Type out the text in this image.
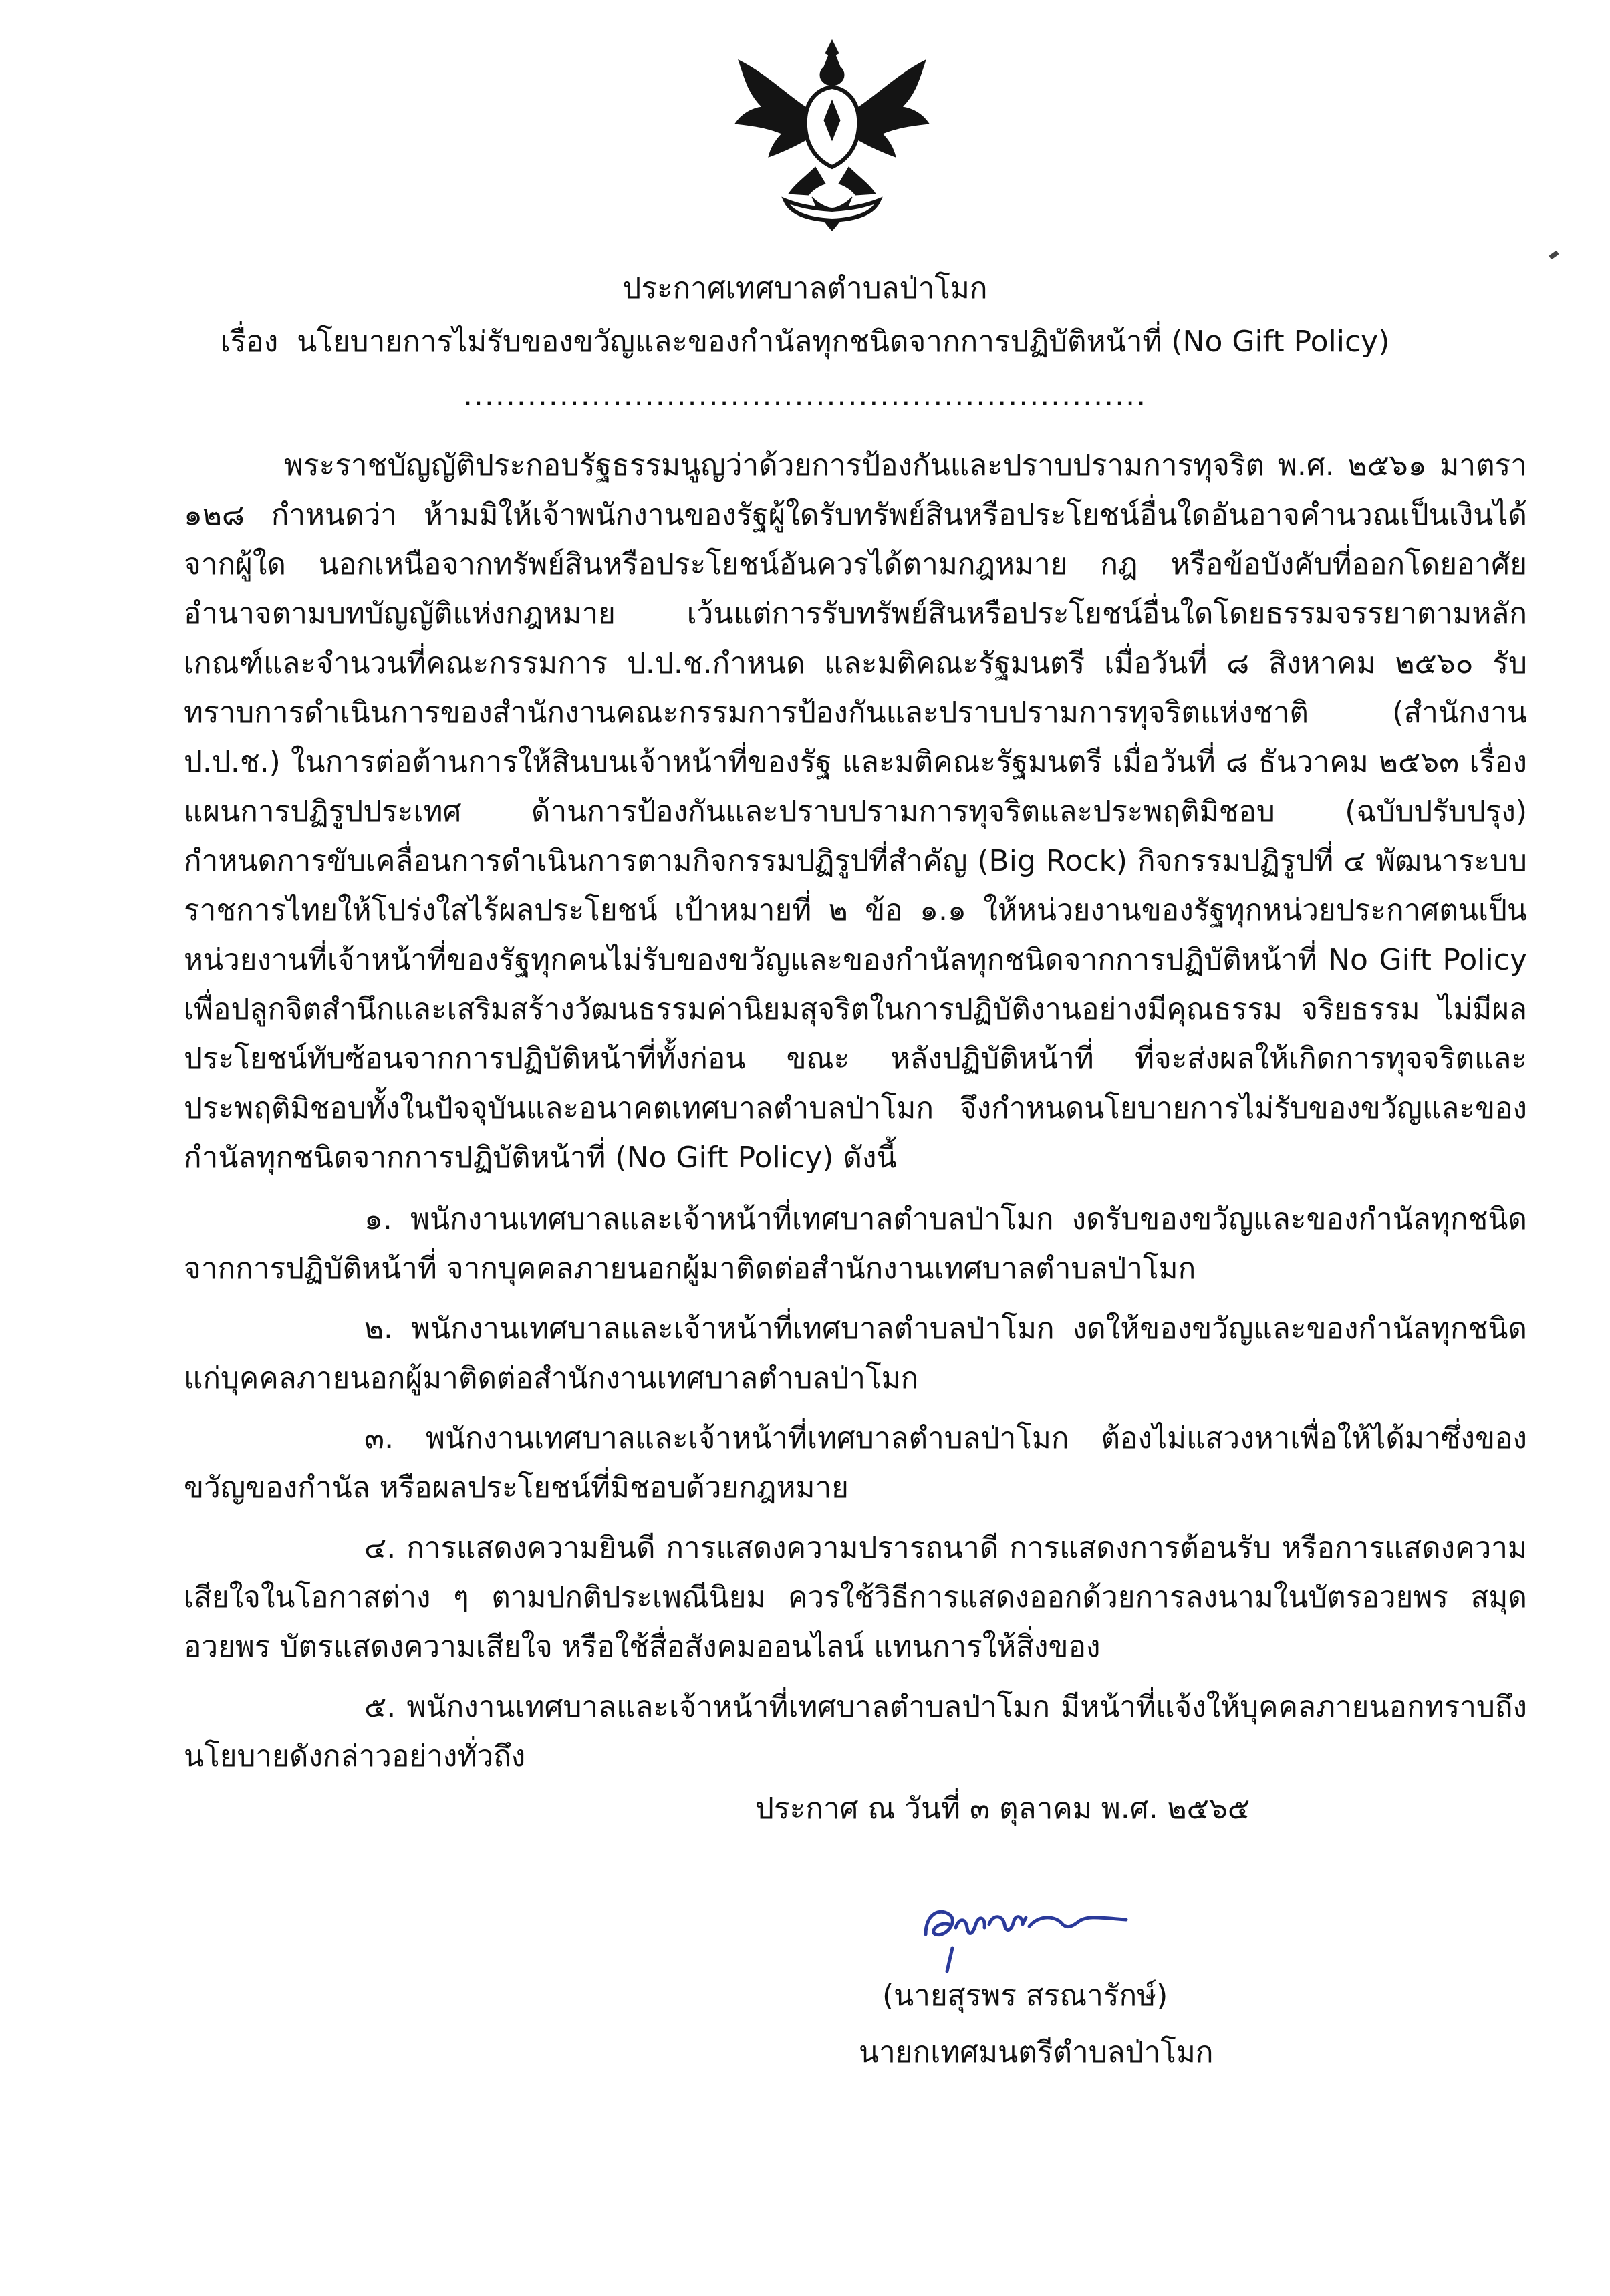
ประกาศเทศบาลตำบลป่าโมก
เรื่อง นโยบายการไม่รับของขวัญและของกำนัลทุกชนิดจากการปฏิบัติหน้าที่ (No Gift Policy)
................................................................

พระราชบัญญัติประกอบรัฐธรรมนูญว่าด้วยการป้องกันและปราบปรามการทุจริต พ.ศ. ๒๕๖๑ มาตรา ๑๒๘ กำหนดว่า ห้ามมิให้เจ้าพนักงานของรัฐผู้ใดรับทรัพย์สินหรือประโยชน์อื่นใดอันอาจคำนวณเป็นเงินได้จากผู้ใด นอกเหนือจากทรัพย์สินหรือประโยชน์อันควรได้ตามกฎหมาย กฎ หรือข้อบังคับที่ออกโดยอาศัยอำนาจตามบทบัญญัติแห่งกฎหมาย เว้นแต่การรับทรัพย์สินหรือประโยชน์อื่นใดโดยธรรมจรรยาตามหลักเกณฑ์และจำนวนที่คณะกรรมการ ป.ป.ช.กำหนด และมติคณะรัฐมนตรี เมื่อวันที่ ๘ สิงหาคม ๒๕๖๐ รับทราบการดำเนินการของสำนักงานคณะกรรมการป้องกันและปราบปรามการทุจริตแห่งชาติ (สำนักงาน ป.ป.ช.) ในการต่อต้านการให้สินบนเจ้าหน้าที่ของรัฐ และมติคณะรัฐมนตรี เมื่อวันที่ ๘ ธันวาคม ๒๕๖๓ เรื่อง แผนการปฏิรูปประเทศ ด้านการป้องกันและปราบปรามการทุจริตและประพฤติมิชอบ (ฉบับปรับปรุง) กำหนดการขับเคลื่อนการดำเนินการตามกิจกรรมปฏิรูปที่สำคัญ (Big Rock) กิจกรรมปฏิรูปที่ ๔ พัฒนาระบบราชการไทยให้โปร่งใสไร้ผลประโยชน์ เป้าหมายที่ ๒ ข้อ ๑.๑ ให้หน่วยงานของรัฐทุกหน่วยประกาศตนเป็นหน่วยงานที่เจ้าหน้าที่ของรัฐทุกคนไม่รับของขวัญและของกำนัลทุกชนิดจากการปฏิบัติหน้าที่ No Gift Policy เพื่อปลูกจิตสำนึกและเสริมสร้างวัฒนธรรมค่านิยมสุจริตในการปฏิบัติงานอย่างมีคุณธรรม จริยธรรม ไม่มีผลประโยชน์ทับซ้อนจากการปฏิบัติหน้าที่ทั้งก่อน ขณะ หลังปฏิบัติหน้าที่ ที่จะส่งผลให้เกิดการทุจจริตและประพฤติมิชอบทั้งในปัจจุบันและอนาคตเทศบาลตำบลป่าโมก จึงกำหนดนโยบายการไม่รับของขวัญและของกำนัลทุกชนิดจากการปฏิบัติหน้าที่ (No Gift Policy) ดังนี้

๑. พนักงานเทศบาลและเจ้าหน้าที่เทศบาลตำบลป่าโมก งดรับของขวัญและของกำนัลทุกชนิดจากการปฏิบัติหน้าที่ จากบุคคลภายนอกผู้มาติดต่อสำนักงานเทศบาลตำบลป่าโมก

๒. พนักงานเทศบาลและเจ้าหน้าที่เทศบาลตำบลป่าโมก งดให้ของขวัญและของกำนัลทุกชนิดแก่บุคคลภายนอกผู้มาติดต่อสำนักงานเทศบาลตำบลป่าโมก

๓. พนักงานเทศบาลและเจ้าหน้าที่เทศบาลตำบลป่าโมก ต้องไม่แสวงหาเพื่อให้ได้มาซึ่งของขวัญของกำนัล หรือผลประโยชน์ที่มิชอบด้วยกฎหมาย

๔. การแสดงความยินดี การแสดงความปรารถนาดี การแสดงการต้อนรับ หรือการแสดงความเสียใจในโอกาสต่าง ๆ ตามปกติประเพณีนิยม ควรใช้วิธีการแสดงออกด้วยการลงนามในบัตรอวยพร สมุดอวยพร บัตรแสดงความเสียใจ หรือใช้สื่อสังคมออนไลน์ แทนการให้สิ่งของ

๕. พนักงานเทศบาลและเจ้าหน้าที่เทศบาลตำบลป่าโมก มีหน้าที่แจ้งให้บุคคลภายนอกทราบถึงนโยบายดังกล่าวอย่างทั่วถึง

ประกาศ ณ วันที่ ๓ ตุลาคม พ.ศ. ๒๕๖๕
(นายสุรพร สรณารักษ์)
นายกเทศมนตรีตำบลป่าโมก
